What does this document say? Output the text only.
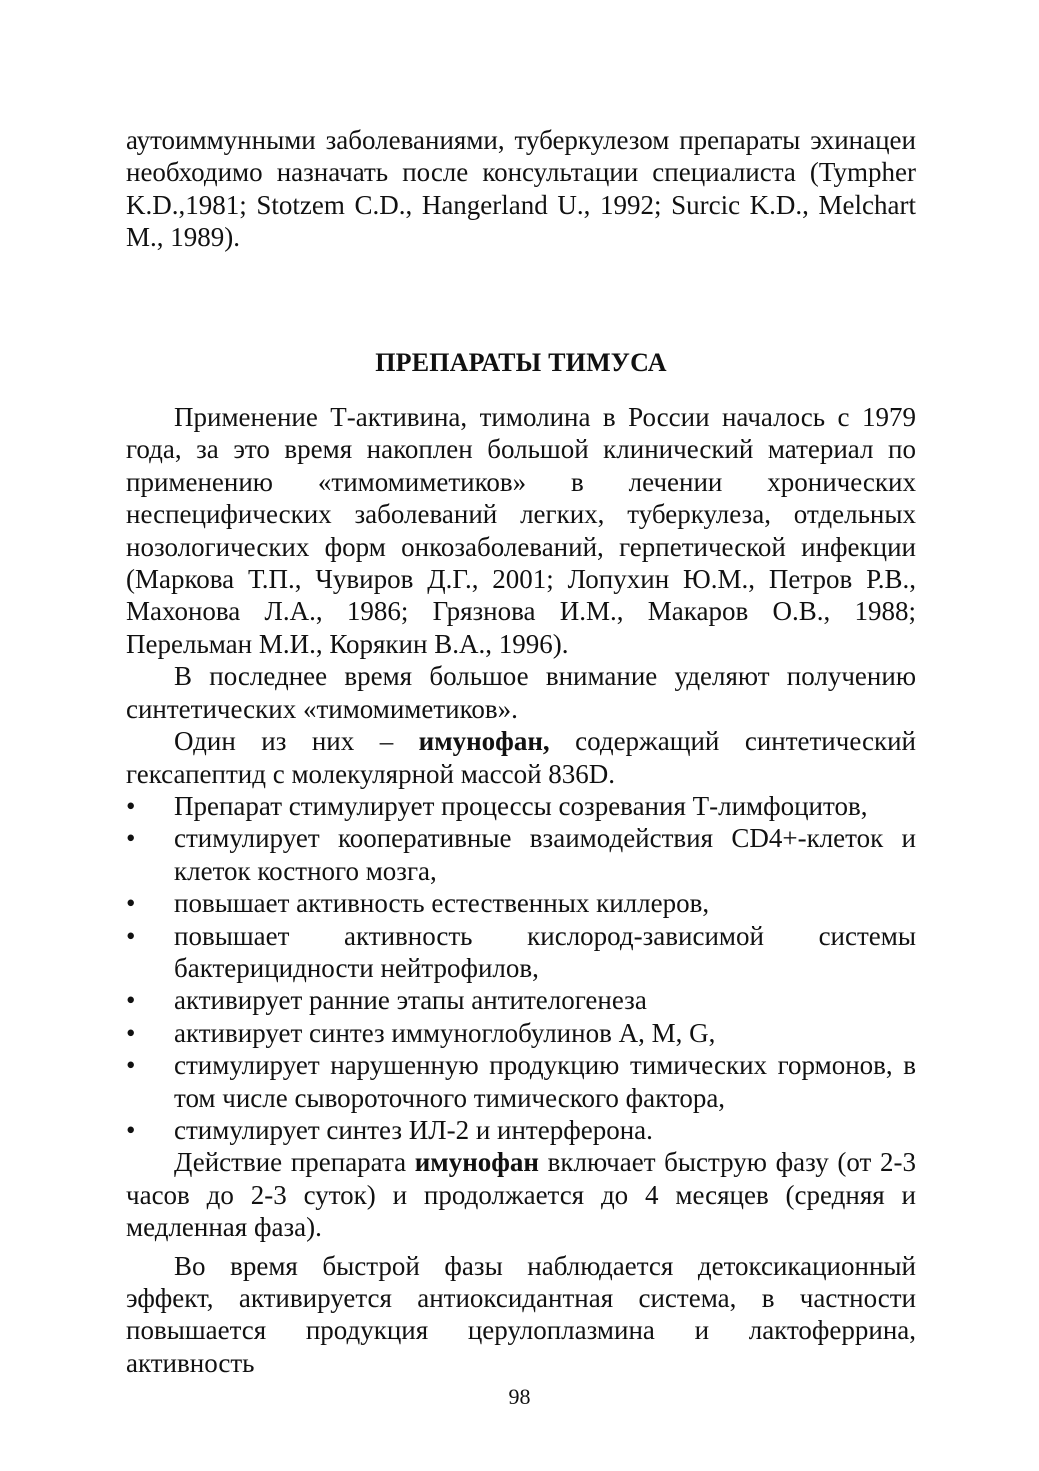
аутоиммунными заболеваниями, туберкулезом препараты эхинацеи необходимо назначать после консультации специалиста (Tympher K.D.,1981; Stotzem C.D., Hangerland U., 1992; Surcic K.D., Melchart M., 1989).

ПРЕПАРАТЫ ТИМУСА

Применение Т-активина, тимолина в России началось с 1979 года, за это время накоплен большой клинический материал по применению «тимомиметиков» в лечении хронических неспецифических заболеваний легких, туберкулеза, отдельных нозологических форм онкозаболеваний, герпетической инфекции (Маркова Т.П., Чувиров Д.Г., 2001; Лопухин Ю.М., Петров Р.В., Махонова Л.А., 1986; Грязнова И.М., Макаров О.В., 1988; Перельман М.И., Корякин В.А., 1996).

В последнее время большое внимание уделяют получению синтетических «тимомиметиков».

Один из них – имунофан, содержащий синтетический гексапептид с молекулярной массой 836D.

• Препарат стимулирует процессы созревания Т-лимфоцитов,
• стимулирует кооперативные взаимодействия CD4+-клеток и клеток костного мозга,
• повышает активность естественных киллеров,
• повышает активность кислород-зависимой системы бактерицидности нейтрофилов,
• активирует ранние этапы антителогенеза
• активирует синтез иммуноглобулинов А, М, G,
• стимулирует нарушенную продукцию тимических гормонов, в том числе сывороточного тимического фактора,
• стимулирует синтез ИЛ-2 и интерферона.

Действие препарата имунофан включает быструю фазу (от 2-3 часов до 2-3 суток) и продолжается до 4 месяцев (средняя и медленная фаза).

Во время быстрой фазы наблюдается детоксикационный эффект, активируется антиоксидантная система, в частности повышается продукция церулоплазмина и лактоферрина, активность

98
